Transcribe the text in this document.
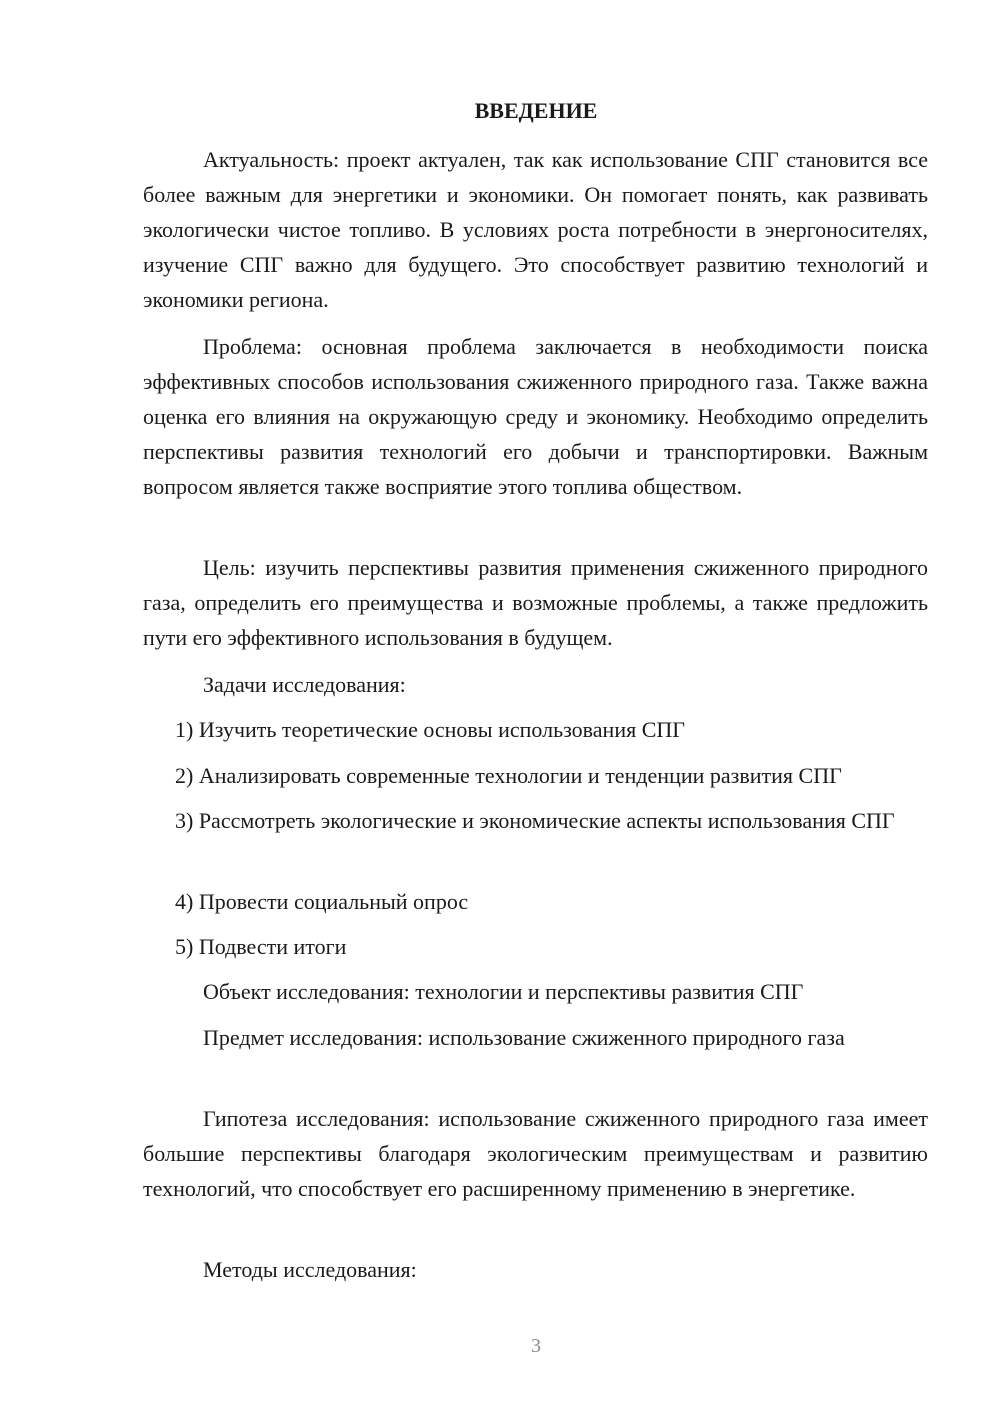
ВВЕДЕНИЕ

Актуальность: проект актуален, так как использование СПГ становится все более важным для энергетики и экономики. Он помогает понять, как развивать экологически чистое топливо. В условиях роста потребности в энергоносителях, изучение СПГ важно для будущего. Это способствует развитию технологий и экономики региона.

Проблема: основная проблема заключается в необходимости поиска эффективных способов использования сжиженного природного газа. Также важна оценка его влияния на окружающую среду и экономику. Необходимо определить перспективы развития технологий его добычи и транспортировки. Важным вопросом является также восприятие этого топлива обществом.

Цель: изучить перспективы развития применения сжиженного природного газа, определить его преимущества и возможные проблемы, а также предложить пути его эффективного использования в будущем.

Задачи исследования:

1) Изучить теоретические основы использования СПГ

2) Анализировать современные технологии и тенденции развития СПГ

3) Рассмотреть экологические и экономические аспекты использования СПГ

4) Провести социальный опрос

5) Подвести итоги

Объект исследования: технологии и перспективы развития СПГ

Предмет исследования: использование сжиженного природного газа

Гипотеза исследования: использование сжиженного природного газа имеет большие перспективы благодаря экологическим преимуществам и развитию технологий, что способствует его расширенному применению в энергетике.

Методы исследования:

3
